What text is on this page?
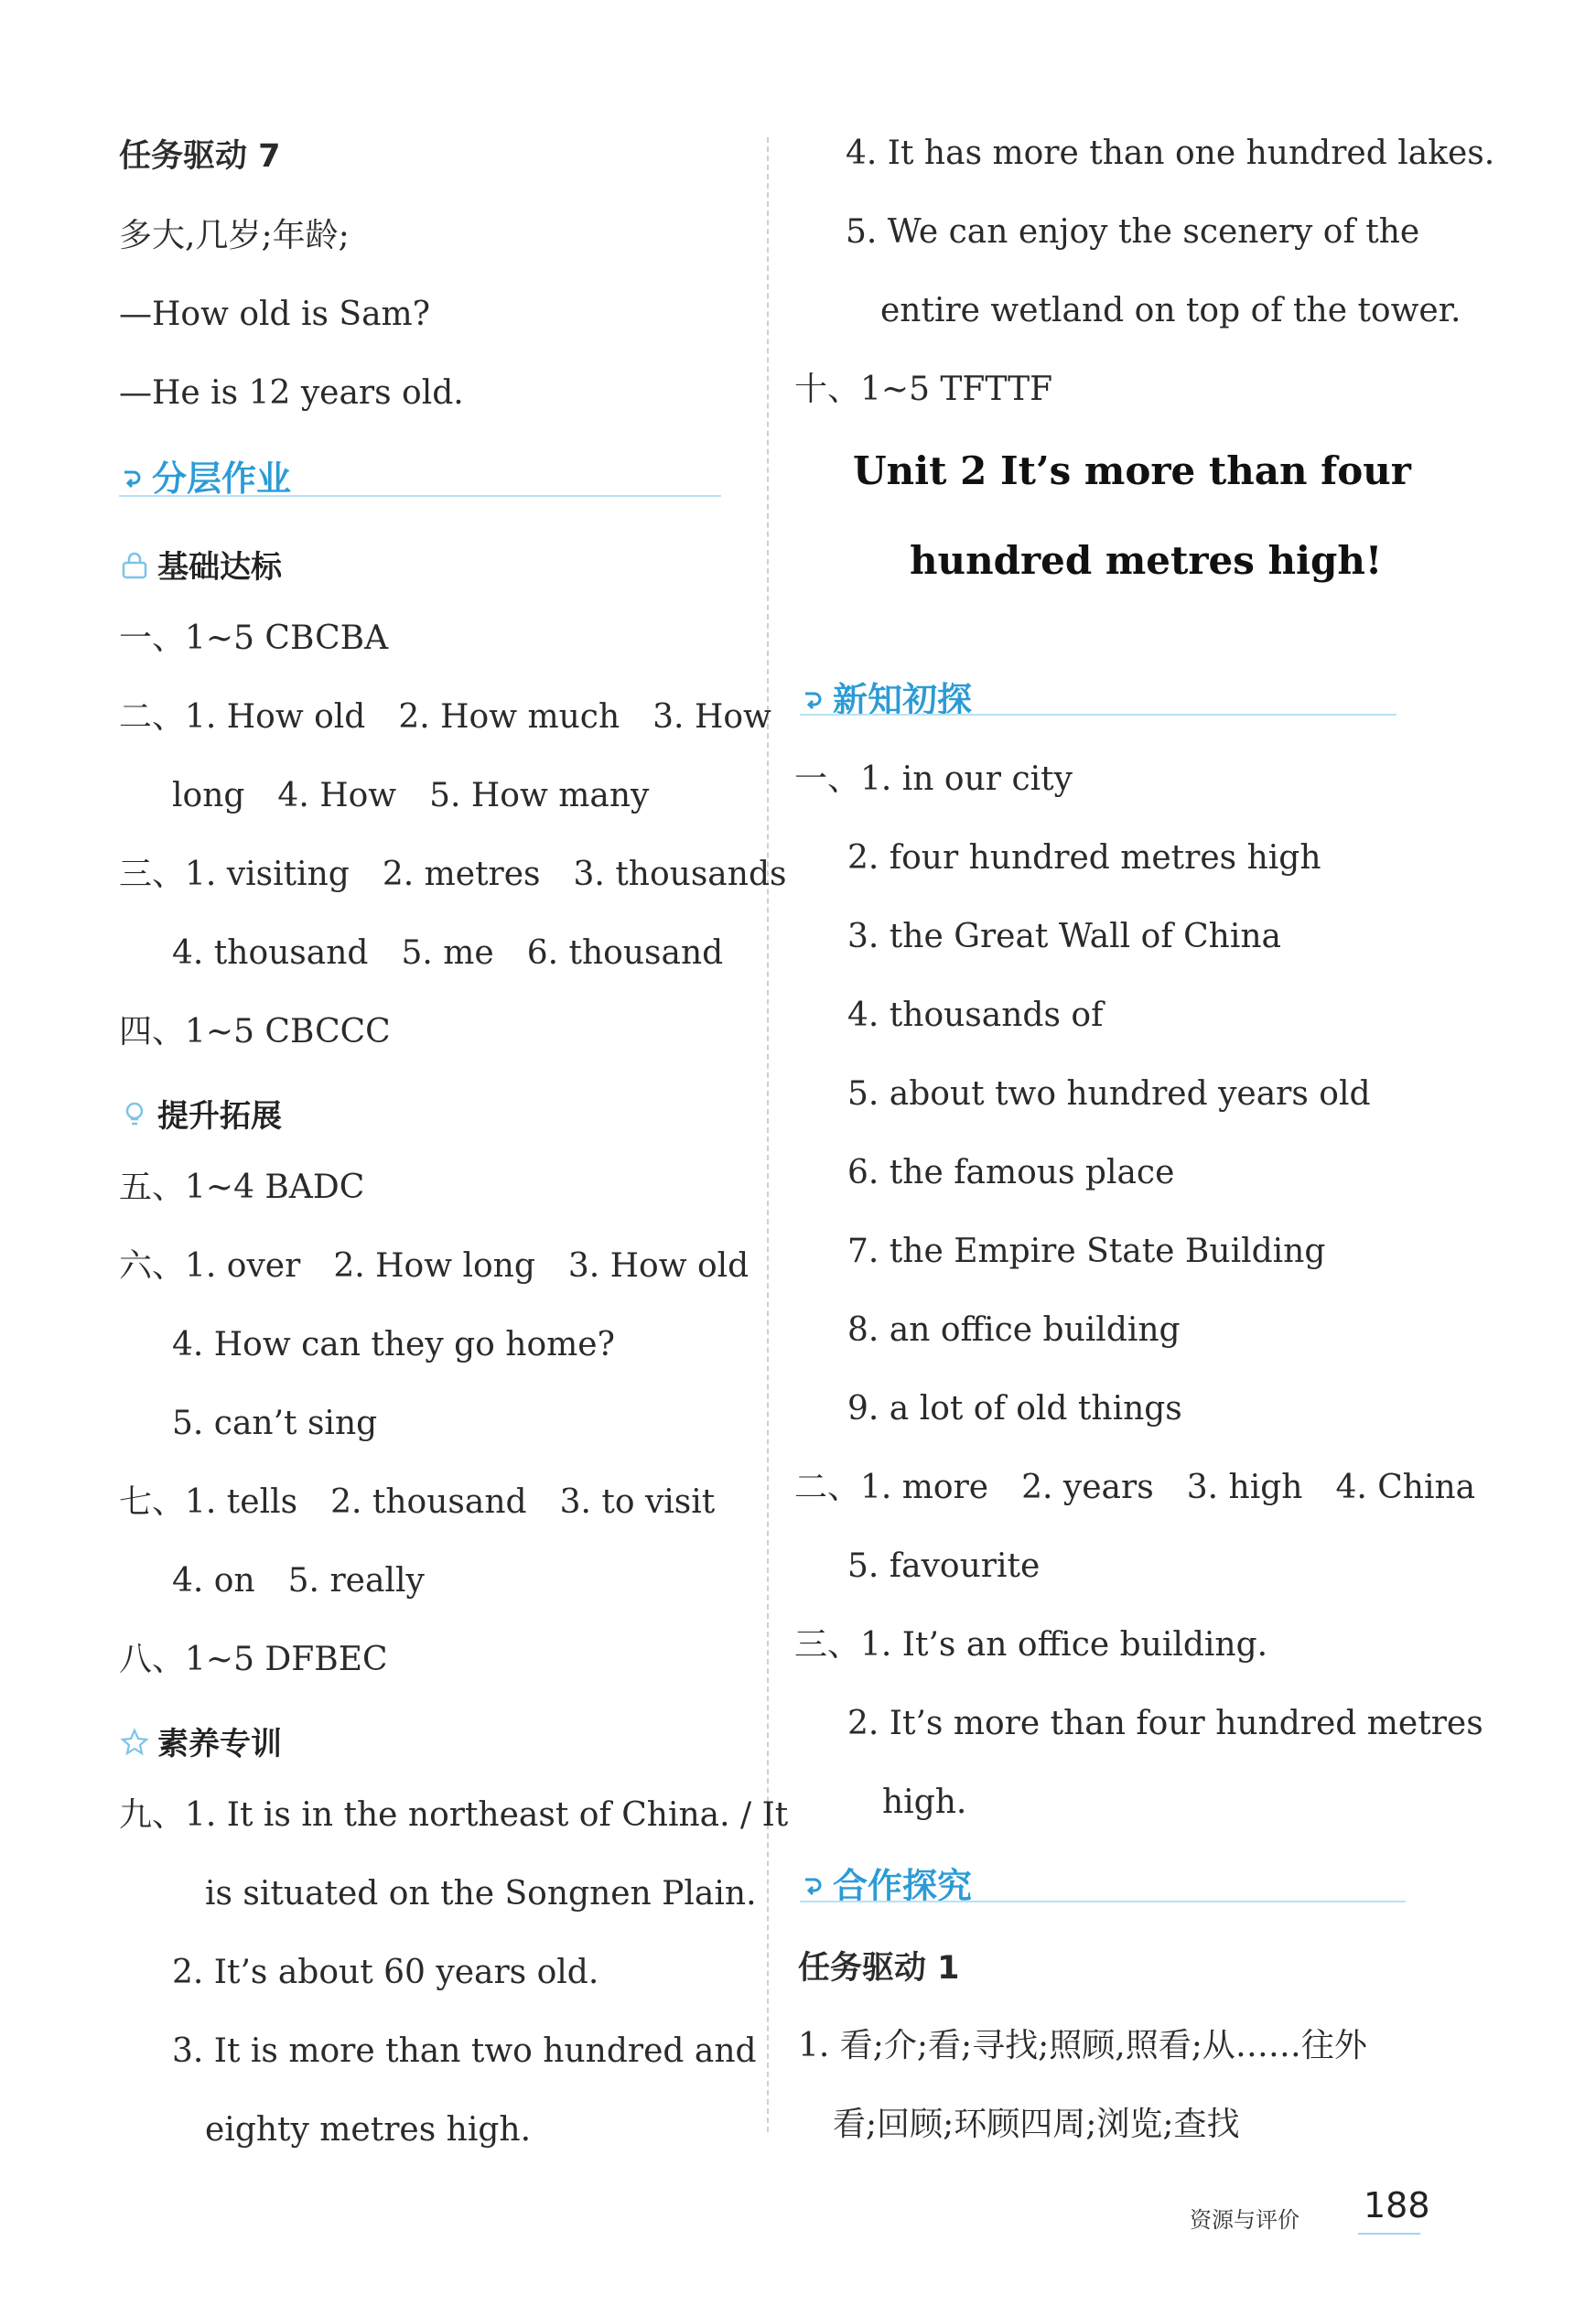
任务驱动 7
多大,几岁;年龄;
—How old is Sam?
—He is 12 years old.
分层作业
基础达标
一、1~5 CBCBA
二、1. How old 2. How much 3. How
long 4. How 5. How many
三、1. visiting 2. metres 3. thousands
4. thousand 5. me 6. thousand
四、1~5 CBCCC
提升拓展
五、1~4 BADC
六、1. over 2. How long 3. How old
4. How can they go home?
5. can’t sing
七、1. tells 2. thousand 3. to visit
4. on 5. really
八、1~5 DFBEC
素养专训
九、1. It is in the northeast of China. / It
is situated on the Songnen Plain.
2. It’s about 60 years old.
3. It is more than two hundred and
eighty metres high.
4. It has more than one hundred lakes.
5. We can enjoy the scenery of the
entire wetland on top of the tower.
十、1~5 TFTTF
Unit 2 It’s more than four
hundred metres high!
新知初探
一、1. in our city
2. four hundred metres high
3. the Great Wall of China
4. thousands of
5. about two hundred years old
6. the famous place
7. the Empire State Building
8. an office building
9. a lot of old things
二、1. more 2. years 3. high 4. China
5. favourite
三、1. It’s an office building.
2. It’s more than four hundred metres
high.
合作探究
任务驱动 1
1. 看;介;看;寻找;照顾,照看;从……往外
看;回顾;环顾四周;浏览;查找
资源与评价 188
